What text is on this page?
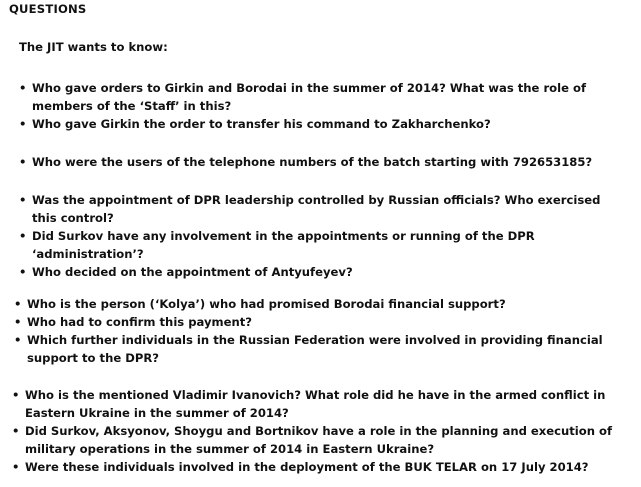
QUESTIONS
The JIT wants to know:
• Who gave orders to Girkin and Borodai in the summer of 2014? What was the role of members of the ‘Staff’ in this?
• Who gave Girkin the order to transfer his command to Zakharchenko?
• Who were the users of the telephone numbers of the batch starting with 792653185?
• Was the appointment of DPR leadership controlled by Russian officials? Who exercised this control?
• Did Surkov have any involvement in the appointments or running of the DPR ‘administration’?
• Who decided on the appointment of Antyufeyev?
• Who is the person (‘Kolya’) who had promised Borodai financial support?
• Who had to confirm this payment?
• Which further individuals in the Russian Federation were involved in providing financial support to the DPR?
• Who is the mentioned Vladimir Ivanovich? What role did he have in the armed conflict in Eastern Ukraine in the summer of 2014?
• Did Surkov, Aksyonov, Shoygu and Bortnikov have a role in the planning and execution of military operations in the summer of 2014 in Eastern Ukraine?
• Were these individuals involved in the deployment of the BUK TELAR on 17 July 2014?
